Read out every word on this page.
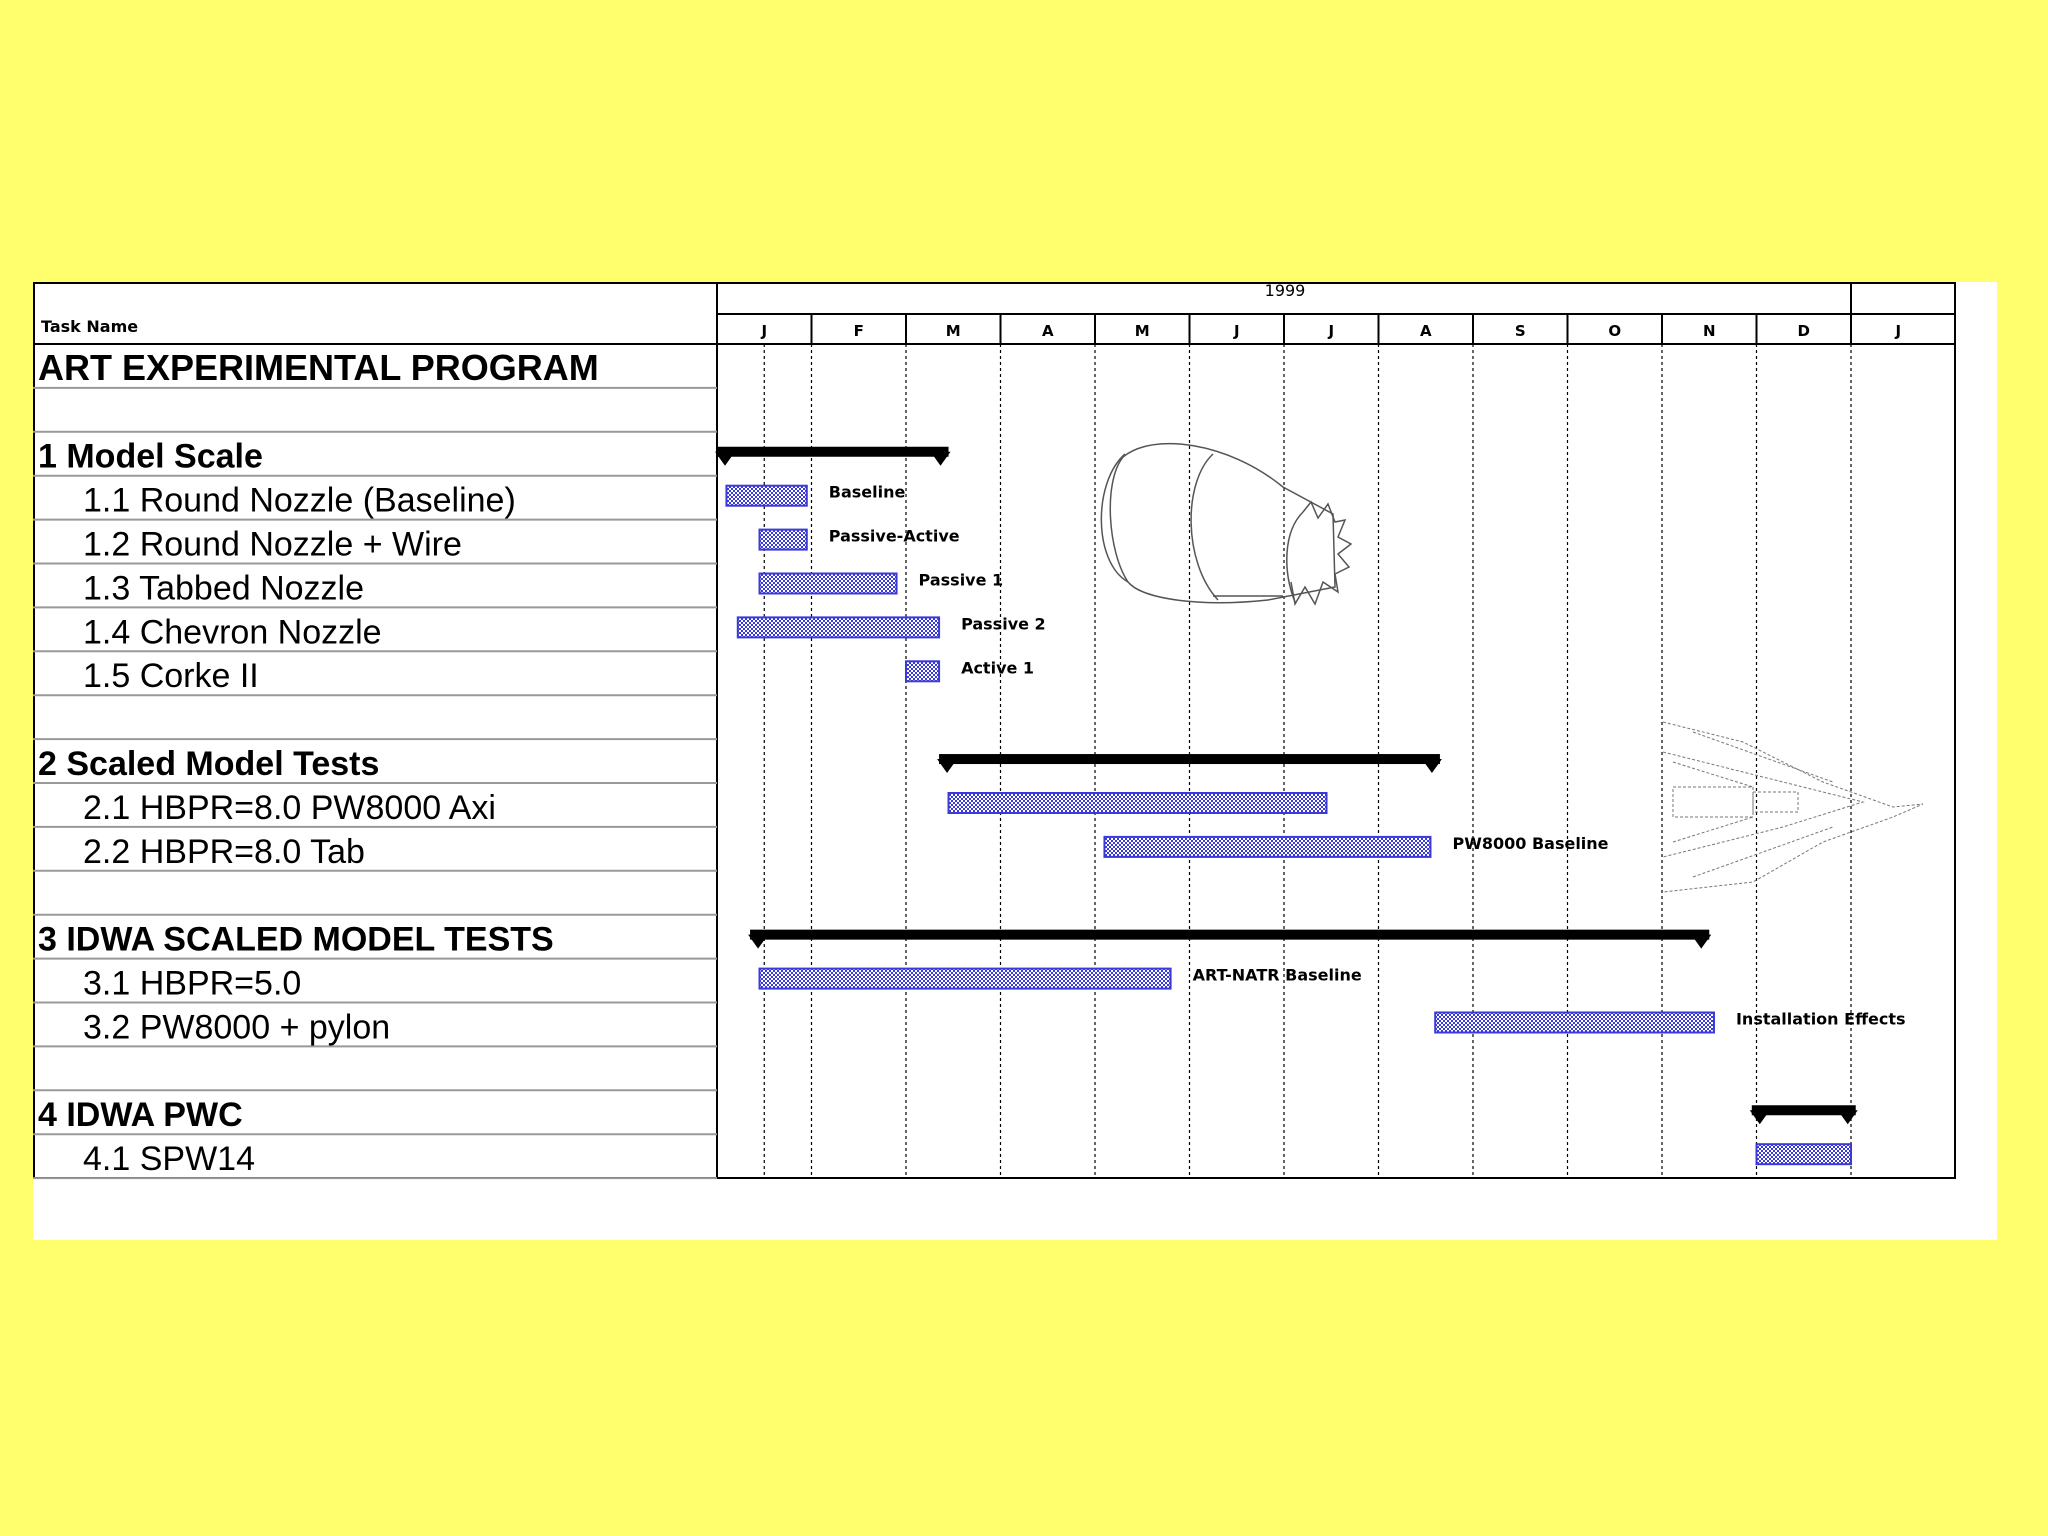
Task Name
1999
J	F	M	A	M	J	J	A	S	O	N	D	J
ART EXPERIMENTAL PROGRAM
1 Model Scale
1.1 Round Nozzle (Baseline)	Baseline
1.2 Round Nozzle + Wire	Passive-Active
1.3 Tabbed Nozzle	Passive 1
1.4 Chevron Nozzle	Passive 2
1.5 Corke II	Active 1
2 Scaled Model Tests
2.1 HBPR=8.0 PW8000 Axi
2.2 HBPR=8.0 Tab	PW8000 Baseline
3 IDWA SCALED MODEL TESTS
3.1 HBPR=5.0	ART-NATR Baseline
3.2 PW8000 + pylon	Installation Effects
4 IDWA PWC
4.1 SPW14
